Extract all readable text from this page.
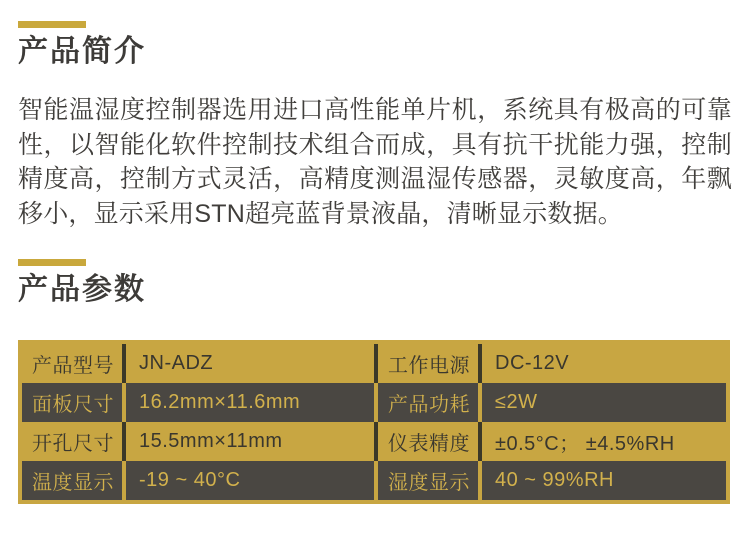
产品简介

智能温湿度控制器选用进口高性能单片机，系统具有极高的可靠性，以智能化软件控制技术组合而成，具有抗干扰能力强，控制精度高，控制方式灵活，高精度测温湿传感器，灵敏度高，年飘移小，显示采用STN超亮蓝背景液晶，清晰显示数据。

产品参数
产品型号	JN-ADZ	工作电源	DC-12V
面板尺寸	16.2mm×11.6mm	产品功耗	≤2W
开孔尺寸	15.5mm×11mm	仪表精度	±0.5°C； ±4.5%RH
温度显示	-19 ~ 40°C	湿度显示	40 ~ 99%RH
